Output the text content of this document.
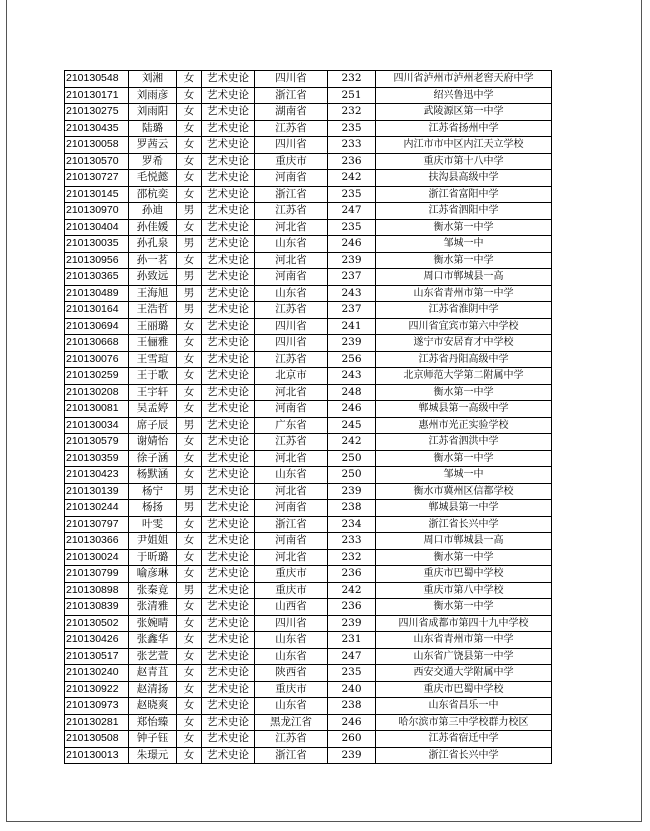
210130548	刘湘	女	艺术史论	四川省	232	四川省泸州市泸州老窖天府中学
210130171	刘雨彦	女	艺术史论	浙江省	251	绍兴鲁迅中学
210130275	刘雨阳	女	艺术史论	湖南省	232	武陵源区第一中学
210130435	陆璐	女	艺术史论	江苏省	235	江苏省扬州中学
210130058	罗茜云	女	艺术史论	四川省	233	内江市市中区内江天立学校
210130570	罗希	女	艺术史论	重庆市	236	重庆市第十八中学
210130727	毛悦懿	女	艺术史论	河南省	242	扶沟县高级中学
210130145	邵杭奕	女	艺术史论	浙江省	235	浙江省富阳中学
210130970	孙迪	男	艺术史论	江苏省	247	江苏省泗阳中学
210130404	孙佳媛	女	艺术史论	河北省	235	衡水第一中学
210130035	孙孔泉	男	艺术史论	山东省	246	邹城一中
210130956	孙一茗	女	艺术史论	河北省	239	衡水第一中学
210130365	孙致远	男	艺术史论	河南省	237	周口市郸城县一高
210130489	王海旭	男	艺术史论	山东省	243	山东省青州市第一中学
210130164	王浩哲	男	艺术史论	江苏省	237	江苏省淮阴中学
210130694	王丽璐	女	艺术史论	四川省	241	四川省宜宾市第六中学校
210130668	王俪雅	女	艺术史论	四川省	239	遂宁市安居育才中学校
210130076	王雪瑄	女	艺术史论	江苏省	256	江苏省丹阳高级中学
210130259	王于歌	女	艺术史论	北京市	243	北京师范大学第二附属中学
210130208	王宇轩	女	艺术史论	河北省	248	衡水第一中学
210130081	吴孟婷	女	艺术史论	河南省	246	郸城县第一高级中学
210130034	席子辰	男	艺术史论	广东省	245	惠州市光正实验学校
210130579	谢婧怡	女	艺术史论	江苏省	242	江苏省泗洪中学
210130359	徐子涵	女	艺术史论	河北省	250	衡水第一中学
210130423	杨默涵	女	艺术史论	山东省	250	邹城一中
210130139	杨宁	男	艺术史论	河北省	239	衡水市冀州区信都学校
210130244	杨扬	男	艺术史论	河南省	238	郸城县第一中学
210130797	叶雯	女	艺术史论	浙江省	234	浙江省长兴中学
210130366	尹姐姐	女	艺术史论	河南省	233	周口市郸城县一高
210130024	于昕璐	女	艺术史论	河北省	232	衡水第一中学
210130799	喻彦琳	女	艺术史论	重庆市	236	重庆市巴蜀中学校
210130898	张秦竟	男	艺术史论	重庆市	242	重庆市第八中学校
210130839	张清雅	女	艺术史论	山西省	236	衡水第一中学
210130502	张婉晴	女	艺术史论	四川省	239	四川省成都市第四十九中学校
210130426	张鑫华	女	艺术史论	山东省	231	山东省青州市第一中学
210130517	张艺萱	女	艺术史论	山东省	247	山东省广饶县第一中学
210130240	赵青苴	女	艺术史论	陕西省	235	西安交通大学附属中学
210130922	赵清扬	女	艺术史论	重庆市	240	重庆市巴蜀中学校
210130973	赵晓爽	女	艺术史论	山东省	238	山东省昌乐一中
210130281	郑怡臻	女	艺术史论	黑龙江省	246	哈尔滨市第三中学校群力校区
210130508	钟子钰	女	艺术史论	江苏省	260	江苏省宿迁中学
210130013	朱璟元	女	艺术史论	浙江省	239	浙江省长兴中学
